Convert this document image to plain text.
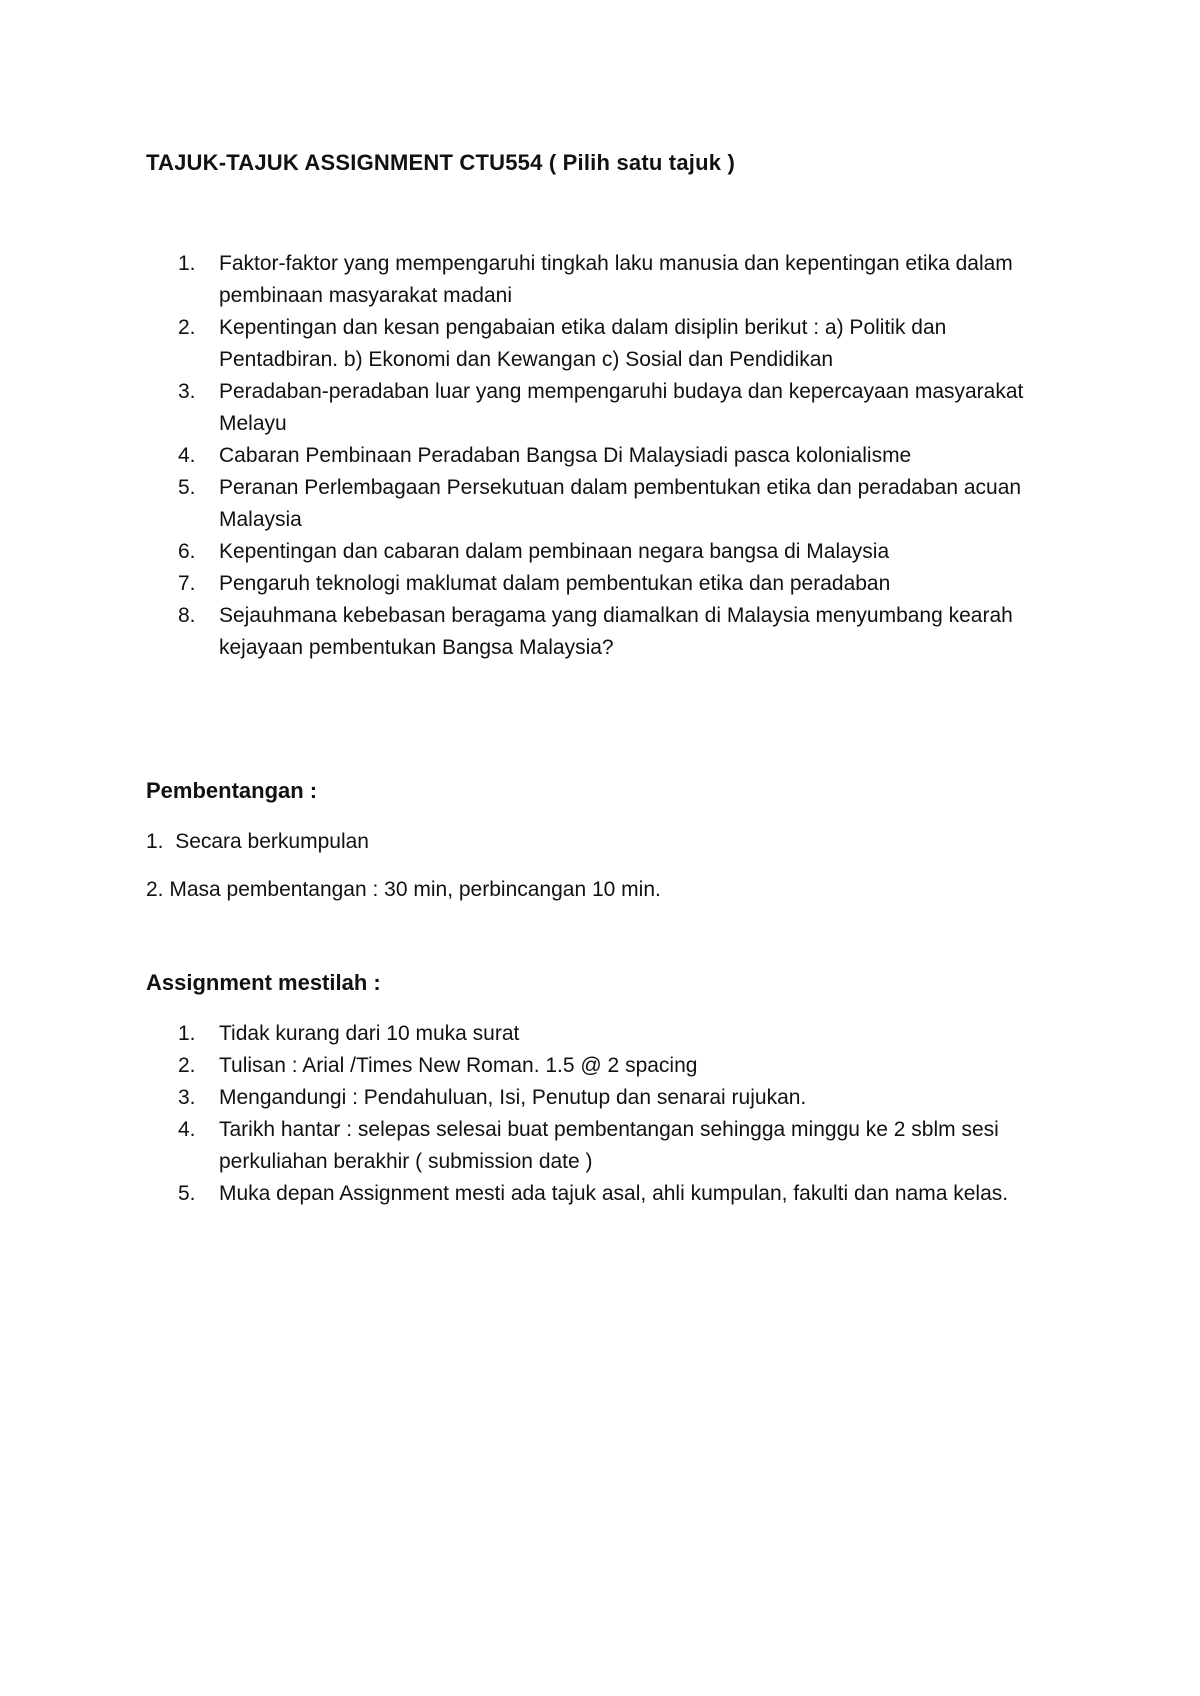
TAJUK-TAJUK ASSIGNMENT CTU554 ( Pilih satu tajuk )
1.	Faktor-faktor yang mempengaruhi tingkah laku manusia dan kepentingan etika dalam pembinaan masyarakat madani
2.	Kepentingan dan kesan pengabaian etika dalam disiplin berikut : a) Politik dan Pentadbiran. b) Ekonomi dan Kewangan c) Sosial dan Pendidikan
3.	Peradaban-peradaban luar yang mempengaruhi budaya dan kepercayaan masyarakat Melayu
4.	Cabaran Pembinaan Peradaban Bangsa Di Malaysiadi pasca kolonialisme
5.	Peranan Perlembagaan Persekutuan dalam pembentukan etika dan peradaban acuan Malaysia
6.	Kepentingan dan cabaran dalam pembinaan negara bangsa di Malaysia
7.	Pengaruh teknologi maklumat dalam pembentukan etika dan peradaban
8.	Sejauhmana kebebasan beragama yang diamalkan di Malaysia menyumbang kearah kejayaan pembentukan Bangsa Malaysia?
Pembentangan :

1. Secara berkumpulan

2. Masa pembentangan : 30 min, perbincangan 10 min.

Assignment mestilah :
1.	Tidak kurang dari 10 muka surat
2.	Tulisan : Arial /Times New Roman. 1.5 @ 2 spacing
3.	Mengandungi : Pendahuluan, Isi, Penutup dan senarai rujukan.
4.	Tarikh hantar : selepas selesai buat pembentangan sehingga minggu ke 2 sblm sesi perkuliahan berakhir ( submission date )
5.	Muka depan Assignment mesti ada tajuk asal, ahli kumpulan, fakulti dan nama kelas.
